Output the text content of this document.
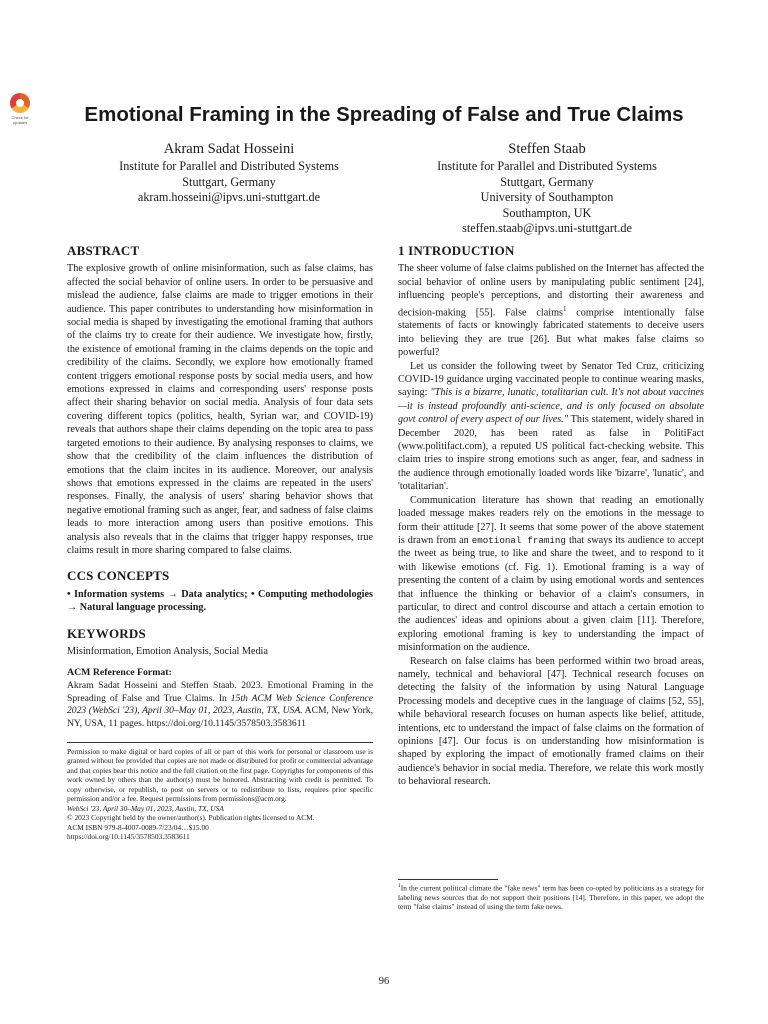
Check for
updates	Emotional Framing in the Spreading of False and True Claims
Akram Sadat Hosseini
Institute for Parallel and Distributed Systems
Stuttgart, Germany
akram.hosseini@ipvs.uni-stuttgart.de
Steffen Staab
Institute for Parallel and Distributed Systems
Stuttgart, Germany
University of Southampton
Southampton, UK
steffen.staab@ipvs.uni-stuttgart.de
ABSTRACT

The explosive growth of online misinformation, such as false claims, has affected the social behavior of online users. In order to be persuasive and mislead the audience, false claims are made to trigger emotions in their audience. This paper contributes to understanding how misinformation in social media is shaped by investigating the emotional framing that authors of the claims try to create for their audience. We investigate how, firstly, the existence of emotional framing in the claims depends on the topic and credibility of the claims. Secondly, we explore how emotionally framed content triggers emotional response posts by social media users, and how emotions expressed in claims and corresponding users' response posts affect their sharing behavior on social media. Analysis of four data sets covering different topics (politics, health, Syrian war, and COVID-19) reveals that authors shape their claims depending on the topic area to pass targeted emotions to their audience. By analysing responses to claims, we show that the credibility of the claim influences the distribution of emotions that the claim incites in its audience. Moreover, our analysis shows that emotions expressed in the claims are repeated in the users' responses. Finally, the analysis of users' sharing behavior shows that negative emotional framing such as anger, fear, and sadness of false claims leads to more interaction among users than positive emotions. This analysis also reveals that in the claims that trigger happy responses, true claims result in more sharing compared to false claims.

CCS CONCEPTS

• Information systems → Data analytics; • Computing methodologies → Natural language processing.

KEYWORDS

Misinformation, Emotion Analysis, Social Media

ACM Reference Format:

Akram Sadat Hosseini and Steffen Staab. 2023. Emotional Framing in the Spreading of False and True Claims. In 15th ACM Web Science Conference 2023 (WebSci '23), April 30–May 01, 2023, Austin, TX, USA. ACM, New York, NY, USA, 11 pages. https://doi.org/10.1145/3578503.3583611

Permission to make digital or hard copies of all or part of this work for personal or classroom use is granted without fee provided that copies are not made or distributed for profit or commercial advantage and that copies bear this notice and the full citation on the first page. Copyrights for components of this work owned by others than the author(s) must be honored. Abstracting with credit is permitted. To copy otherwise, or republish, to post on servers or to redistribute to lists, requires prior specific permission and/or a fee. Request permissions from permissions@acm.org.
WebSci '23, April 30–May 01, 2023, Austin, TX, USA
© 2023 Copyright held by the owner/author(s). Publication rights licensed to ACM.
ACM ISBN 979-8-4007-0089-7/23/04…$15.00
https://doi.org/10.1145/3578503.3583611
1 INTRODUCTION

The sheer volume of false claims published on the Internet has affected the social behavior of online users by manipulating public sentiment [24], influencing people's perceptions, and distorting their awareness and decision-making [55]. False claims$^1$ comprise intentionally false statements of facts or knowingly fabricated statements to deceive users into believing they are true [26]. But what makes false claims so powerful?

Let us consider the following tweet by Senator Ted Cruz, criticizing COVID-19 guidance urging vaccinated people to continue wearing masks, saying: "This is a bizarre, lunatic, totalitarian cult. It's not about vaccines—it is instead profoundly anti-science, and is only focused on absolute govt control of every aspect of our lives." This statement, widely shared in December 2020, has been rated as false in PolitiFact (www.politifact.com), a reputed US political fact-checking website. This claim tries to inspire strong emotions such as anger, fear, and sadness in the audience through emotionally loaded words like 'bizarre', 'lunatic', and 'totalitarian'.

Communication literature has shown that reading an emotionally loaded message makes readers rely on the emotions in the message to form their attitude [27]. It seems that some power of the above statement is drawn from an emotional framing that sways its audience to accept the tweet as being true, to like and share the tweet, and to respond to it with likewise emotions (cf. Fig. 1). Emotional framing is a way of presenting the content of a claim by using emotional words and sentences that influence the thinking or behavior of a claim's consumers, in particular, to direct and control discourse and attach a certain emotion to the audiences' ideas and opinions about a given claim [11]. Therefore, exploring emotional framing is key to understanding the impact of misinformation on the audience.

Research on false claims has been performed within two broad areas, namely, technical and behavioral [47]. Technical research focuses on detecting the falsity of the information by using Natural Language Processing models and deceptive cues in the language of claims [52, 55], while behavioral research focuses on human aspects like belief, attitude, intentions, etc to understand the impact of false claims on the formation of opinions [47]. Our focus is on understanding how misinformation is shaped by exploring the impact of emotionally framed claims on their audience's behavior in social media. Therefore, we relate this work mostly to behavioral research.

$^1$In the current political climate the "fake news" term has been co-opted by politicians as a strategy for labeling news sources that do not support their positions [14]. Therefore, in this paper, we adopt the term "false claims" instead of using the term fake news.
96
